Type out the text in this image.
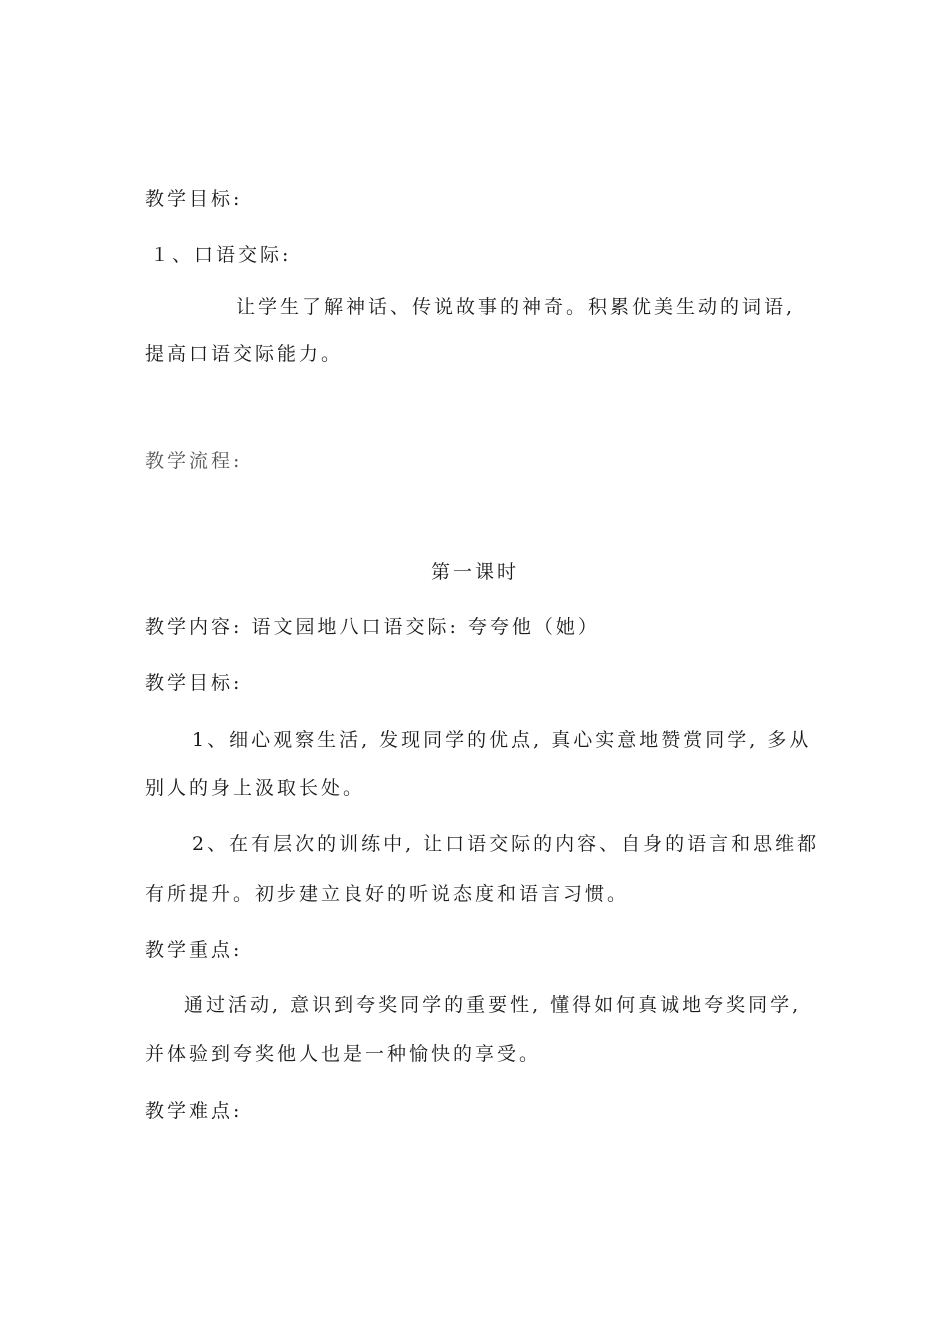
教学目标:
１、口语交际:
让学生了解神话、传说故事的神奇。积累优美生动的词语,
提高口语交际能力。
教学流程:
第一课时
教学内容: 语文园地八口语交际: 夸夸他（她）
教学目标:
1、细心观察生活, 发现同学的优点, 真心实意地赞赏同学, 多从
别人的身上汲取长处。
2、在有层次的训练中, 让口语交际的内容、自身的语言和思维都
有所提升。初步建立良好的听说态度和语言习惯。
教学重点:
通过活动, 意识到夸奖同学的重要性, 懂得如何真诚地夸奖同学,
并体验到夸奖他人也是一种愉快的享受。
教学难点:
